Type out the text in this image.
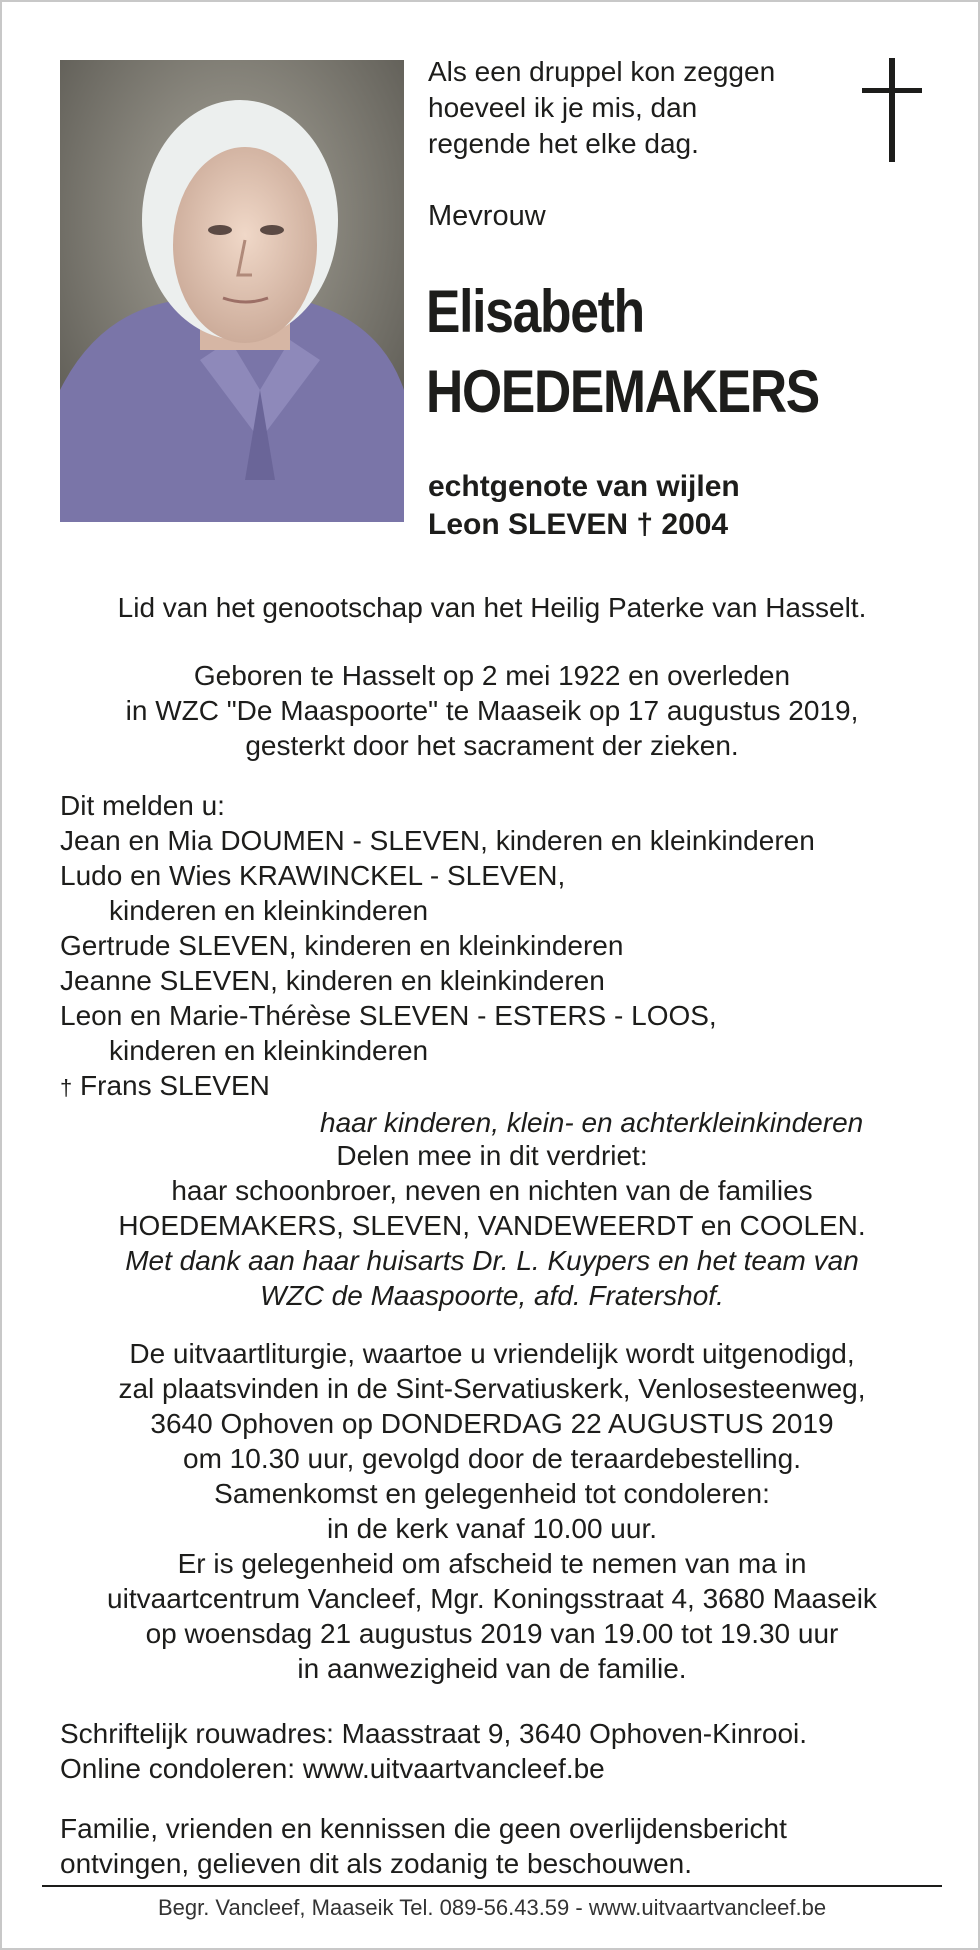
Als een druppel kon zeggen
hoeveel ik je mis, dan
regende het elke dag.
Mevrouw
Elisabeth
HOEDEMAKERS
echtgenote van wijlen
Leon SLEVEN † 2004
Lid van het genootschap van het Heilig Paterke van Hasselt.
Geboren te Hasselt op 2 mei 1922 en overleden
in WZC "De Maaspoorte" te Maaseik op 17 augustus 2019,
gesterkt door het sacrament der zieken.
Dit melden u:
Jean en Mia DOUMEN - SLEVEN, kinderen en kleinkinderen
Ludo en Wies KRAWINCKEL - SLEVEN,
kinderen en kleinkinderen
Gertrude SLEVEN, kinderen en kleinkinderen
Jeanne SLEVEN, kinderen en kleinkinderen
Leon en Marie-Thérèse SLEVEN - ESTERS - LOOS,
kinderen en kleinkinderen
† Frans SLEVEN
haar kinderen, klein- en achterkleinkinderen
Delen mee in dit verdriet:
haar schoonbroer, neven en nichten van de families
HOEDEMAKERS, SLEVEN, VANDEWEERDT en COOLEN.
Met dank aan haar huisarts Dr. L. Kuypers en het team van
WZC de Maaspoorte, afd. Fratershof.
De uitvaartliturgie, waartoe u vriendelijk wordt uitgenodigd,
zal plaatsvinden in de Sint-Servatiuskerk, Venlosesteenweg,
3640 Ophoven op DONDERDAG 22 AUGUSTUS 2019
om 10.30 uur, gevolgd door de teraardebestelling.
Samenkomst en gelegenheid tot condoleren:
in de kerk vanaf 10.00 uur.
Er is gelegenheid om afscheid te nemen van ma in
uitvaartcentrum Vancleef, Mgr. Koningsstraat 4, 3680 Maaseik
op woensdag 21 augustus 2019 van 19.00 tot 19.30 uur
in aanwezigheid van de familie.
Schriftelijk rouwadres: Maasstraat 9, 3640 Ophoven-Kinrooi.
Online condoleren: www.uitvaartvancleef.be
Familie, vrienden en kennissen die geen overlijdensbericht
ontvingen, gelieven dit als zodanig te beschouwen.
Begr. Vancleef, Maaseik Tel. 089-56.43.59 - www.uitvaartvancleef.be
